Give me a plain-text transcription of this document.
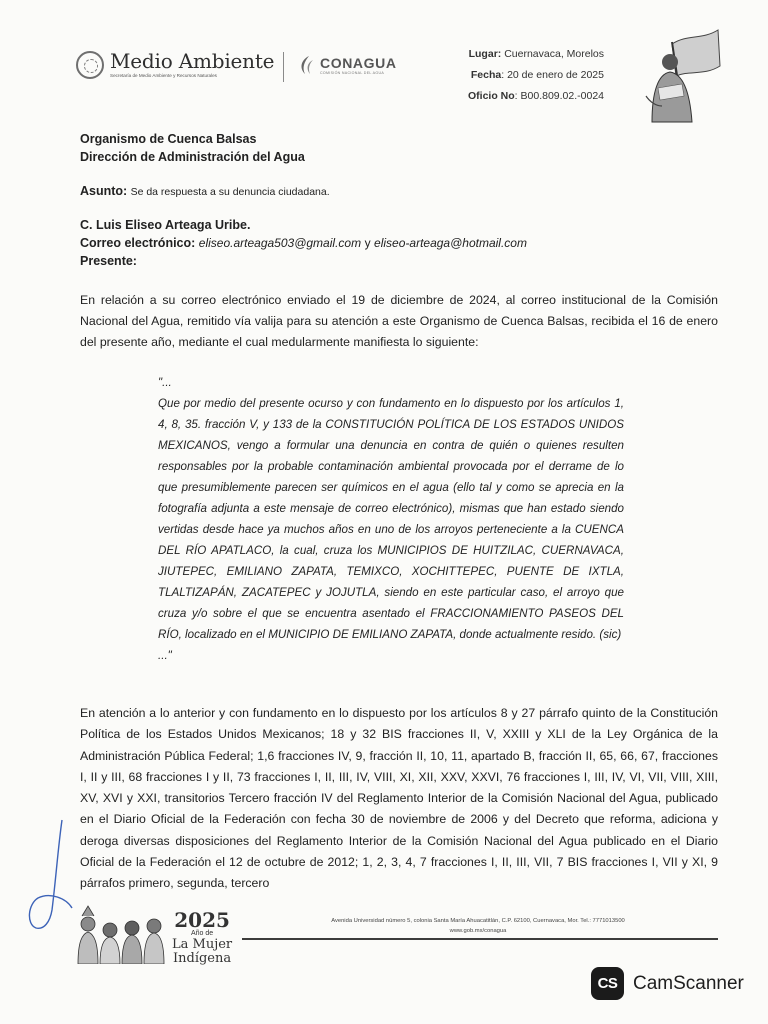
Medio Ambiente
Secretaría de Medio Ambiente y Recursos Naturales
CONAGUA
COMISIÓN NACIONAL DEL AGUA
Lugar: Cuernavaca, Morelos
Fecha: 20 de enero de 2025
Oficio No: B00.809.02.-0024
Organismo de Cuenca Balsas
Dirección de Administración del Agua
Asunto: Se da respuesta a su denuncia ciudadana.
C. Luis Eliseo Arteaga Uribe.
Correo electrónico: eliseo.arteaga503@gmail.com y eliseo-arteaga@hotmail.com
Presente:

En relación a su correo electrónico enviado el 19 de diciembre de 2024, al correo institucional de la Comisión Nacional del Agua, remitido vía valija para su atención a este Organismo de Cuenca Balsas, recibida el 16 de enero del presente año, mediante el cual medularmente manifiesta lo siguiente:

"...
Que por medio del presente ocurso y con fundamento en lo dispuesto por los artículos 1, 4, 8, 35. fracción V, y 133 de la CONSTITUCIÓN POLÍTICA DE LOS ESTADOS UNIDOS MEXICANOS, vengo a formular una denuncia en contra de quién o quienes resulten responsables por la probable contaminación ambiental provocada por el derrame de lo que presumiblemente parecen ser químicos en el agua (ello tal y como se aprecia en la fotografía adjunta a este mensaje de correo electrónico), mismas que han estado siendo vertidas desde hace ya muchos años en uno de los arroyos perteneciente a la CUENCA DEL RÍO APATLACO, la cual, cruza los MUNICIPIOS DE HUITZILAC, CUERNAVACA, JIUTEPEC, EMILIANO ZAPATA, TEMIXCO, XOCHITTEPEC, PUENTE DE IXTLA, TLALTIZAPÁN, ZACATEPEC y JOJUTLA, siendo en este particular caso, el arroyo que cruza y/o sobre el que se encuentra asentado el FRACCIONAMIENTO PASEOS DEL RÍO, localizado en el MUNICIPIO DE EMILIANO ZAPATA, donde actualmente resido. (sic)
..."

En atención a lo anterior y con fundamento en lo dispuesto por los artículos 8 y 27 párrafo quinto de la Constitución Política de los Estados Unidos Mexicanos; 18 y 32 BIS fracciones II, V, XXIII y XLI de la Ley Orgánica de la Administración Pública Federal; 1,6 fracciones IV, 9, fracción II, 10, 11, apartado B, fracción II, 65, 66, 67, fracciones I, II y III, 68 fracciones I y II, 73 fracciones I, II, III, IV, VIII, XI, XII, XXV, XXVI, 76 fracciones I, III, IV, VI, VII, VIII, XIII, XV, XVI y XXI, transitorios Tercero fracción IV del Reglamento Interior de la Comisión Nacional del Agua, publicado en el Diario Oficial de la Federación con fecha 30 de noviembre de 2006 y del Decreto que reforma, adiciona y deroga diversas disposiciones del Reglamento Interior de la Comisión Nacional del Agua publicado en el Diario Oficial de la Federación el 12 de octubre de 2012; 1, 2, 3, 4, 7 fracciones I, II, III, VII, 7 BIS fracciones I, VII y XI, 9 párrafos primero, segunda, tercero

2025
Año de
La Mujer
Indígena
Avenida Universidad número 5, colonia Santa María Ahuacatitlán, C.P. 62100, Cuernavaca, Mor. Tel.: 7771013500
www.gob.mx/conagua
CS CamScanner
